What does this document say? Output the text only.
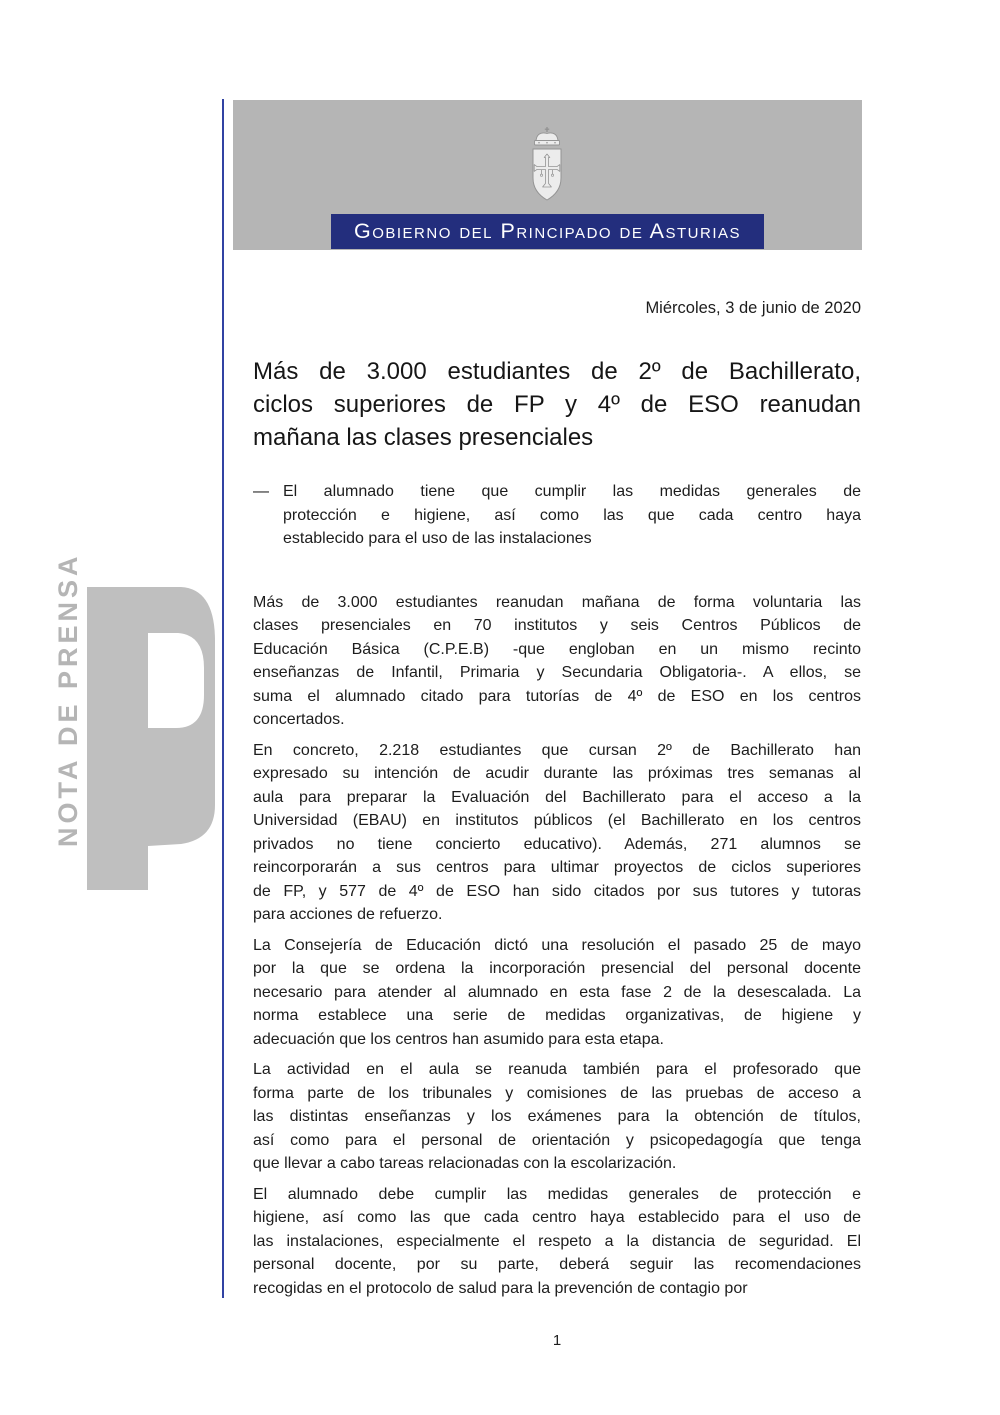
Gobierno del Principado de Asturias
NOTA DE PRENSA
Miércoles, 3 de junio de 2020
Más de 3.000 estudiantes de 2º de Bachillerato,
ciclos superiores de FP y 4º de ESO reanudan
mañana las clases presenciales
— El alumnado tiene que cumplir las medidas generales de
protección e higiene, así como las que cada centro haya
establecido para el uso de las instalaciones
Más de 3.000 estudiantes reanudan mañana de forma voluntaria las
clases presenciales en 70 institutos y seis Centros Públicos de
Educación Básica (C.P.E.B) -que engloban en un mismo recinto
enseñanzas de Infantil, Primaria y Secundaria Obligatoria-. A ellos, se
suma el alumnado citado para tutorías de 4º de ESO en los centros
concertados.
En concreto, 2.218 estudiantes que cursan 2º de Bachillerato han
expresado su intención de acudir durante las próximas tres semanas al
aula para preparar la Evaluación del Bachillerato para el acceso a la
Universidad (EBAU) en institutos públicos (el Bachillerato en los centros
privados no tiene concierto educativo). Además, 271 alumnos se
reincorporarán a sus centros para ultimar proyectos de ciclos superiores
de FP, y 577 de 4º de ESO han sido citados por sus tutores y tutoras
para acciones de refuerzo.
La Consejería de Educación dictó una resolución el pasado 25 de mayo
por la que se ordena la incorporación presencial del personal docente
necesario para atender al alumnado en esta fase 2 de la desescalada. La
norma establece una serie de medidas organizativas, de higiene y
adecuación que los centros han asumido para esta etapa.
La actividad en el aula se reanuda también para el profesorado que
forma parte de los tribunales y comisiones de las pruebas de acceso a
las distintas enseñanzas y los exámenes para la obtención de títulos,
así como para el personal de orientación y psicopedagogía que tenga
que llevar a cabo tareas relacionadas con la escolarización.
El alumnado debe cumplir las medidas generales de protección e
higiene, así como las que cada centro haya establecido para el uso de
las instalaciones, especialmente el respeto a la distancia de seguridad. El
personal docente, por su parte, deberá seguir las recomendaciones
recogidas en el protocolo de salud para la prevención de contagio por
1
